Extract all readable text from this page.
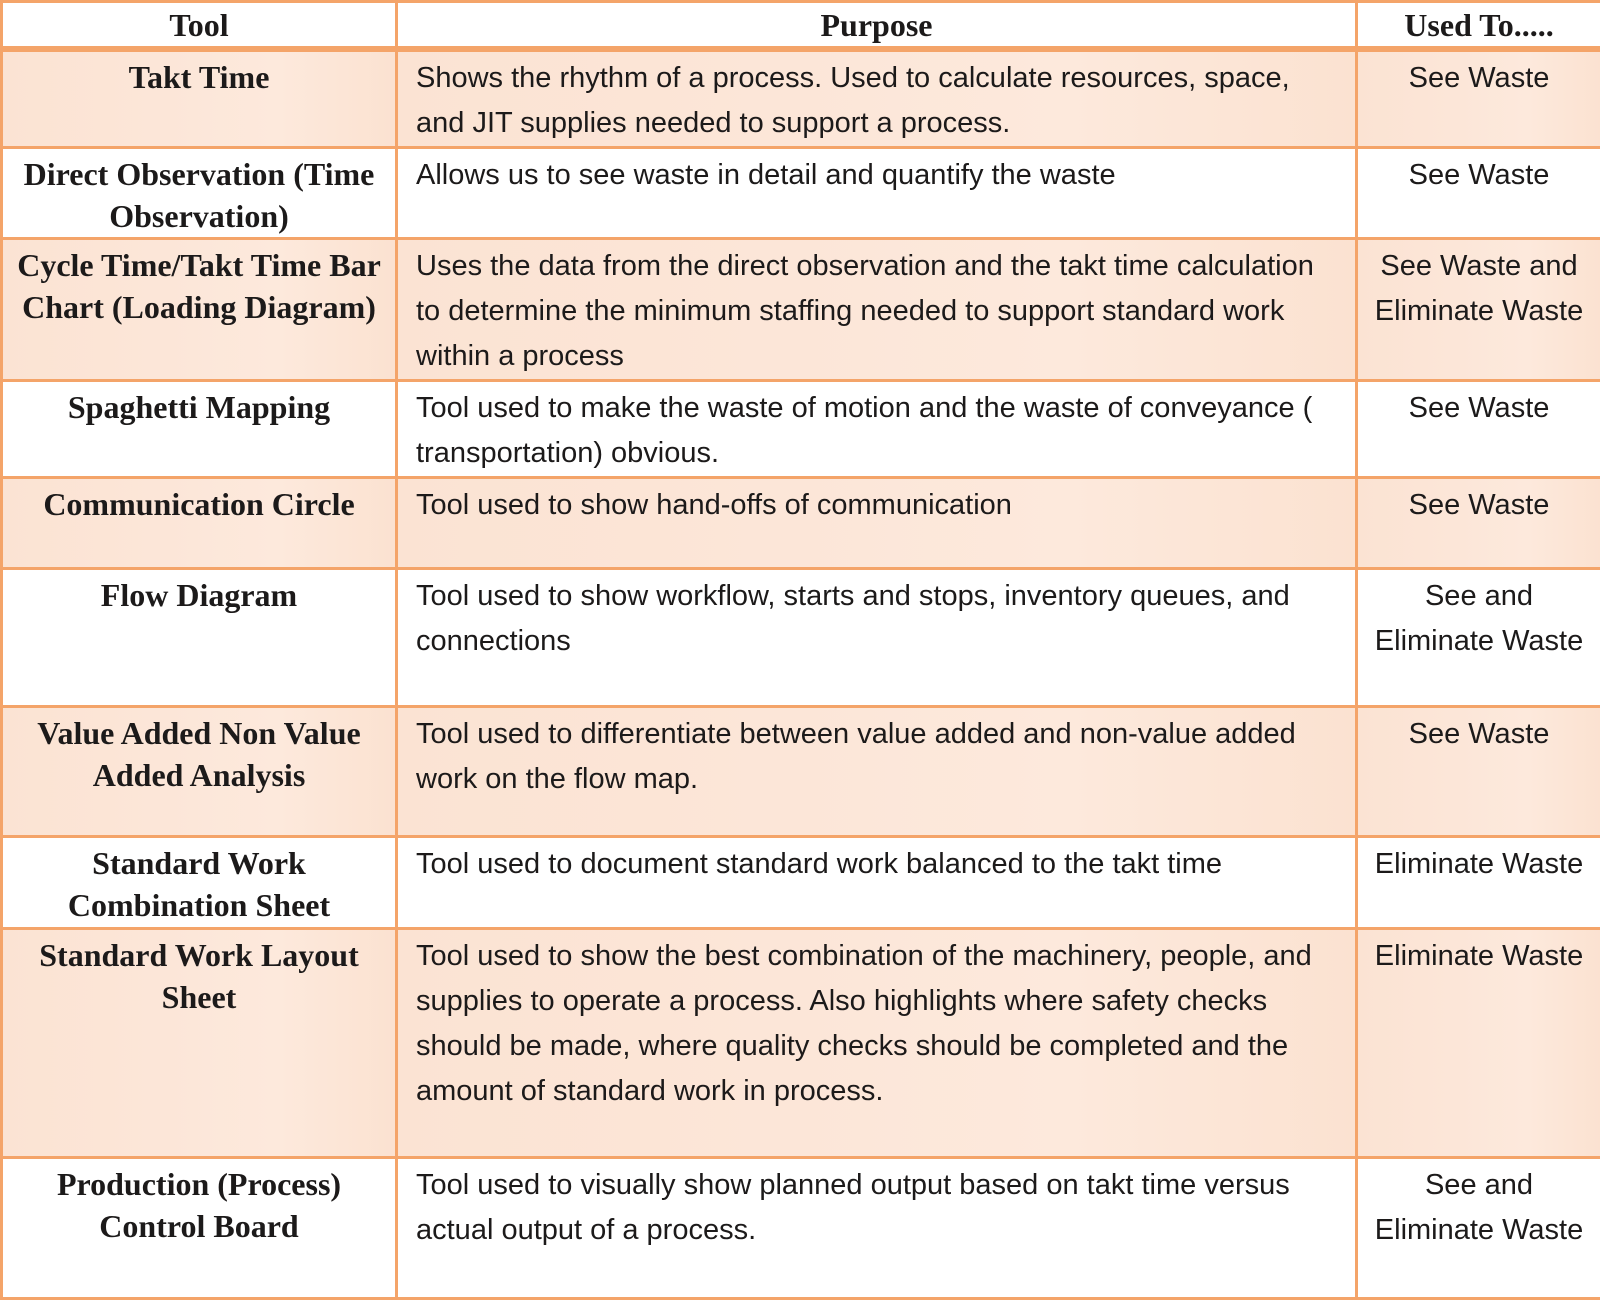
Tool	Purpose	Used To.....
Takt Time	Shows the rhythm of a process. Used to calculate resources, space, and JIT supplies needed to support a process.	See Waste
Direct Observation (Time Observation)	Allows us to see waste in detail and quantify the waste	See Waste
Cycle Time/Takt Time Bar Chart (Loading Diagram)	Uses the data from the direct observation and the takt time calculation to determine the minimum staffing needed to support standard work within a process	See Waste and Eliminate Waste
Spaghetti Mapping	Tool used to make the waste of motion and the waste of conveyance ( transportation) obvious.	See Waste
Communication Circle	Tool used to show hand-offs of communication	See Waste
Flow Diagram	Tool used to show workflow, starts and stops, inventory queues, and connections	See and Eliminate Waste
Value Added Non Value Added Analysis	Tool used to differentiate between value added and non-value added work on the flow map.	See Waste
Standard Work Combination Sheet	Tool used to document standard work balanced to the takt time	Eliminate Waste
Standard Work Layout Sheet	Tool used to show the best combination of the machinery, people, and supplies to operate a process. Also highlights where safety checks should be made, where quality checks should be completed and the amount of standard work in process.	Eliminate Waste
Production (Process) Control Board	Tool used to visually show planned output based on takt time versus actual output of a process.	See and Eliminate Waste
